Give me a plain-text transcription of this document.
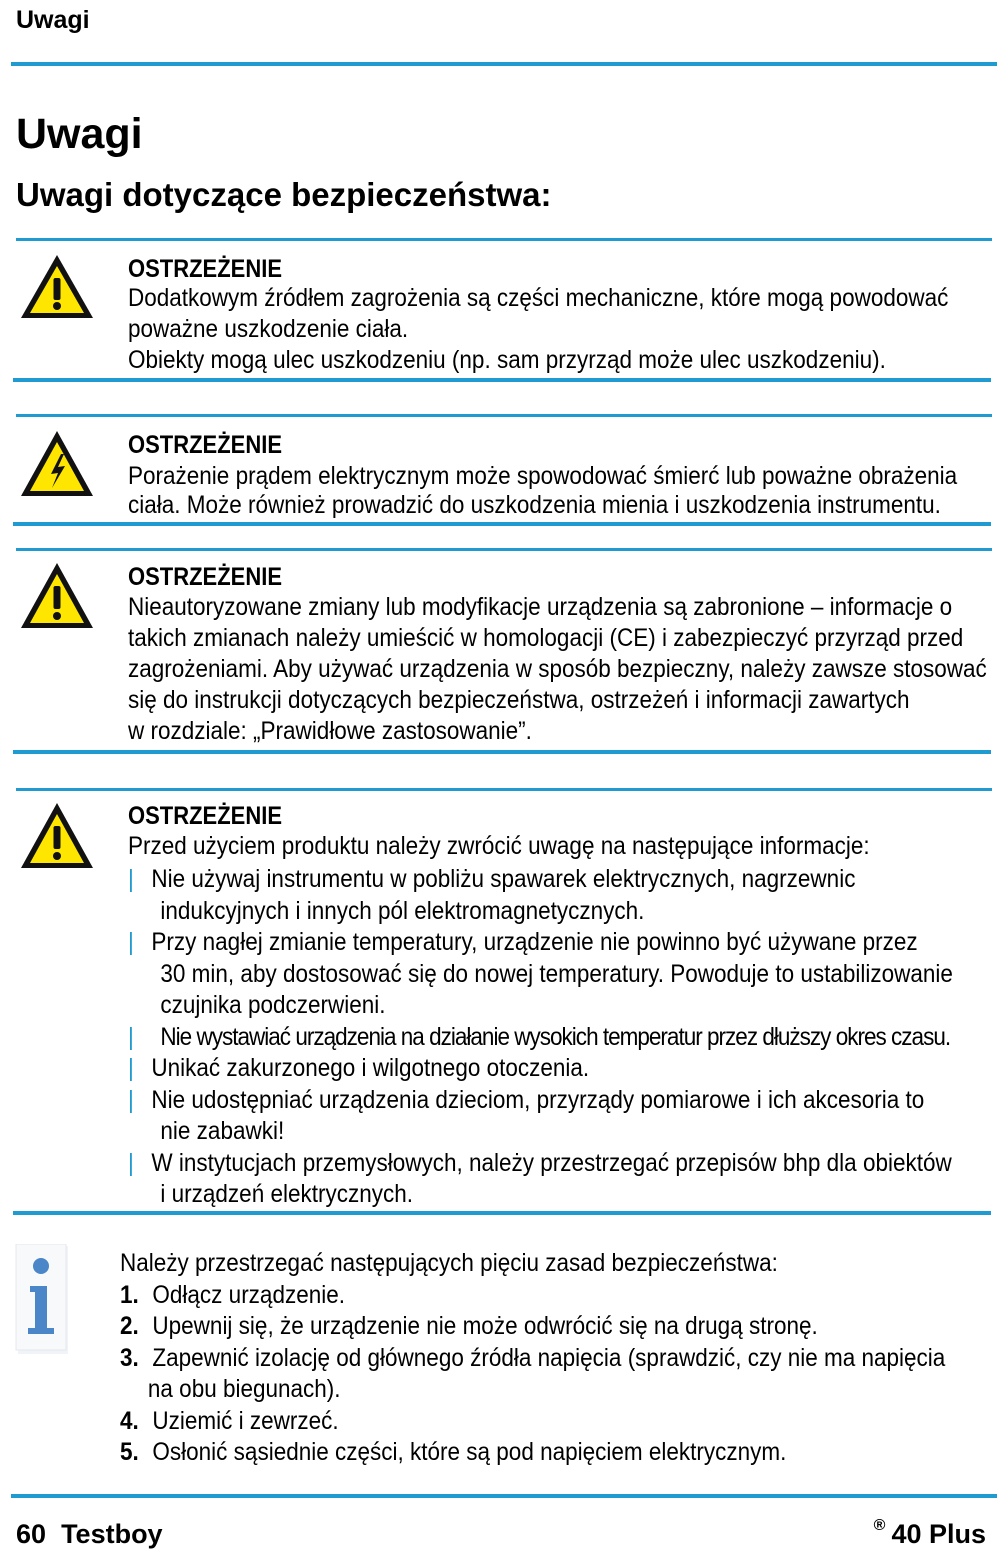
Uwagi
Uwagi
Uwagi dotyczące bezpieczeństwa:
OSTRZEŻENIE
Dodatkowym źródłem zagrożenia są części mechaniczne, które mogą powodować
poważne uszkodzenie ciała.
Obiekty mogą ulec uszkodzeniu (np. sam przyrząd może ulec uszkodzeniu).
OSTRZEŻENIE
Porażenie prądem elektrycznym może spowodować śmierć lub poważne obrażenia
ciała. Może również prowadzić do uszkodzenia mienia i uszkodzenia instrumentu.
OSTRZEŻENIE
Nieautoryzowane zmiany lub modyfikacje urządzenia są zabronione – informacje o
takich zmianach należy umieścić w homologacji (CE) i zabezpieczyć przyrząd przed
zagrożeniami. Aby używać urządzenia w sposób bezpieczny, należy zawsze stosować
się do instrukcji dotyczących bezpieczeństwa, ostrzeżeń i informacji zawartych
w rozdziale: „Prawidłowe zastosowanie”.
OSTRZEŻENIE
Przed użyciem produktu należy zwrócić uwagę na następujące informacje:
| Nie używaj instrumentu w pobliżu spawarek elektrycznych, nagrzewnic
indukcyjnych i innych pól elektromagnetycznych.
| Przy nagłej zmianie temperatury, urządzenie nie powinno być używane przez
30 min, aby dostosować się do nowej temperatury. Powoduje to ustabilizowanie
czujnika podczerwieni.
|	Nie wystawiać urządzenia na działanie wysokich temperatur przez dłuższy okres czasu.
| Unikać zakurzonego i wilgotnego otoczenia.
| Nie udostępniać urządzenia dzieciom, przyrządy pomiarowe i ich akcesoria to
nie zabawki!
| W instytucjach przemysłowych, należy przestrzegać przepisów bhp dla obiektów
i urządzeń elektrycznych.
Należy przestrzegać następujących pięciu zasad bezpieczeństwa:
1. Odłącz urządzenie.
2. Upewnij się, że urządzenie nie może odwrócić się na drugą stronę.
3. Zapewnić izolację od głównego źródła napięcia (sprawdzić, czy nie ma napięcia
na obu biegunach).
4. Uziemić i zewrzeć.
5. Osłonić sąsiednie części, które są pod napięciem elektrycznym.
60 Testboy	® 40 Plus
